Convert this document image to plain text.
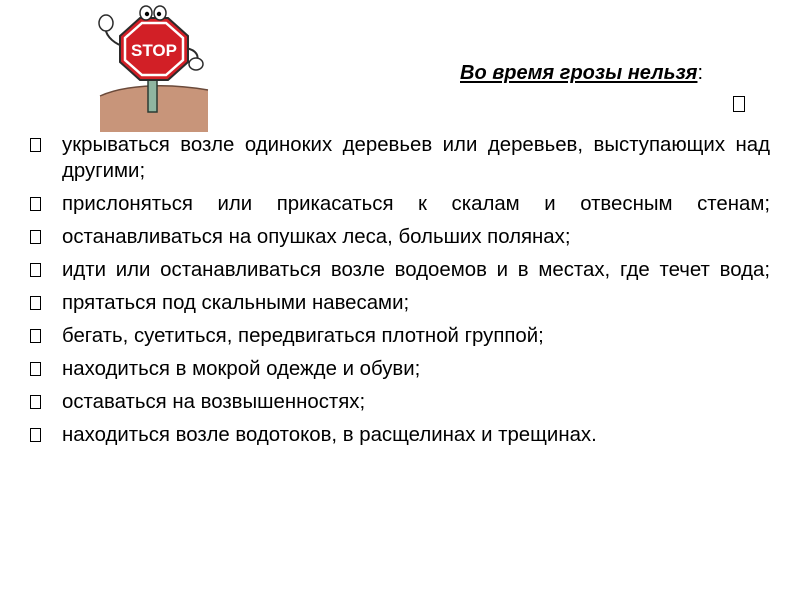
STOP
Во время грозы нельзя:
укрываться возле одиноких деревьев или деревьев, выступающих над другими;
прислоняться или прикасаться к скалам и отвесным стенам;
останавливаться на опушках леса, больших полянах;
идти или останавливаться возле водоемов и в местах, где течет вода;
прятаться под скальными навесами;
бегать, суетиться, передвигаться плотной группой;
находиться в мокрой одежде и обуви;
оставаться на возвышенностях;
находиться возле водотоков, в расщелинах и трещинах.
